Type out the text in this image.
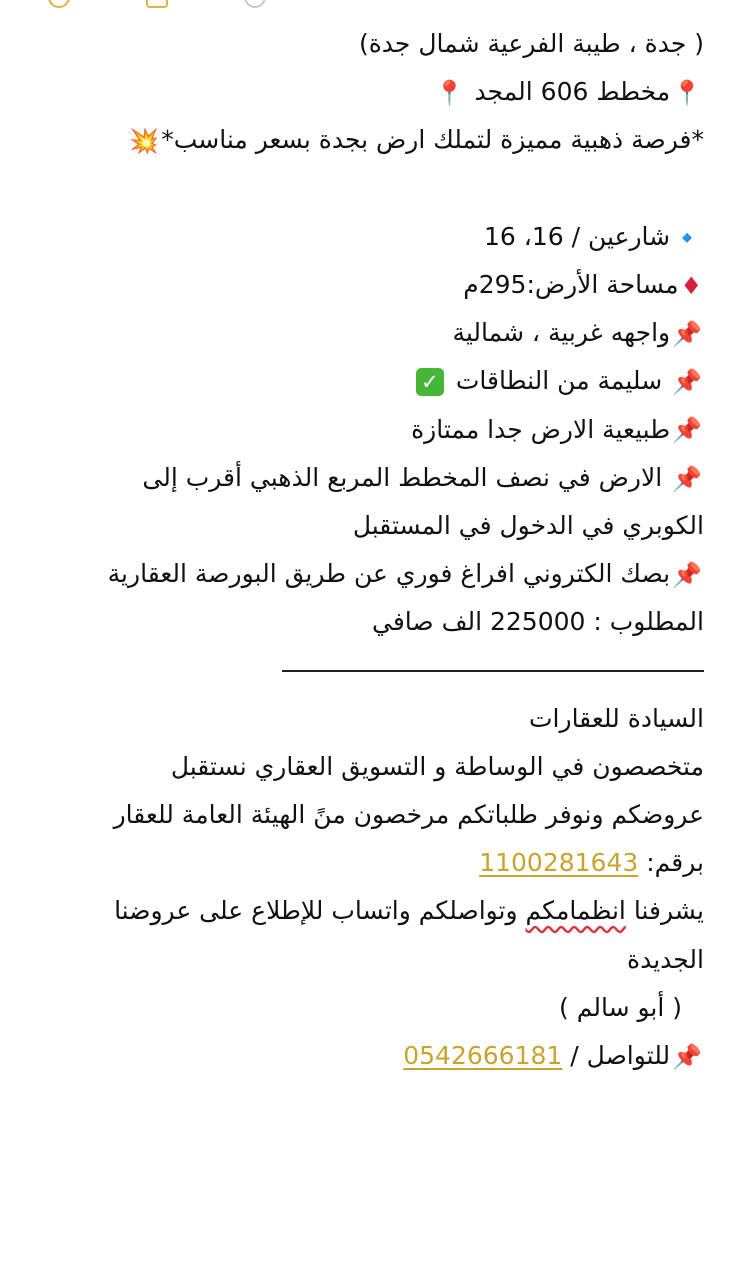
( جدة ، طيبة الفرعية شمال جدة)
📍مخطط 606 المجد 📍
*فرصة ذهبية مميزة لتملك ارض بجدة بسعر مناسب*💥
🔹شارعين / 16، 16
♦مساحة الأرض:295م
📌واجهه غربية ، شمالية
📌 سليمة من النطاقات ✓
📌طبيعية الارض جدا ممتازة
📌 الارض في نصف المخطط المربع الذهبي أقرب إلى
الكوبري في الدخول في المستقبل
📌بصك الكتروني افراغ فوري عن طريق البورصة العقارية
المطلوب : 225000 الف صافي
السيادة للعقارات
متخصصون في الوساطة و التسويق العقاري نستقبل
عروضكم ونوفر طلباتكم مرخصون منً الهيئة العامة للعقار
برقم: 1100281643
يشرفنا انظمامكم وتواصلكم واتساب للإطلاع على عروضنا
الجديدة
( أبو سالم )
📌للتواصل / 0542666181
